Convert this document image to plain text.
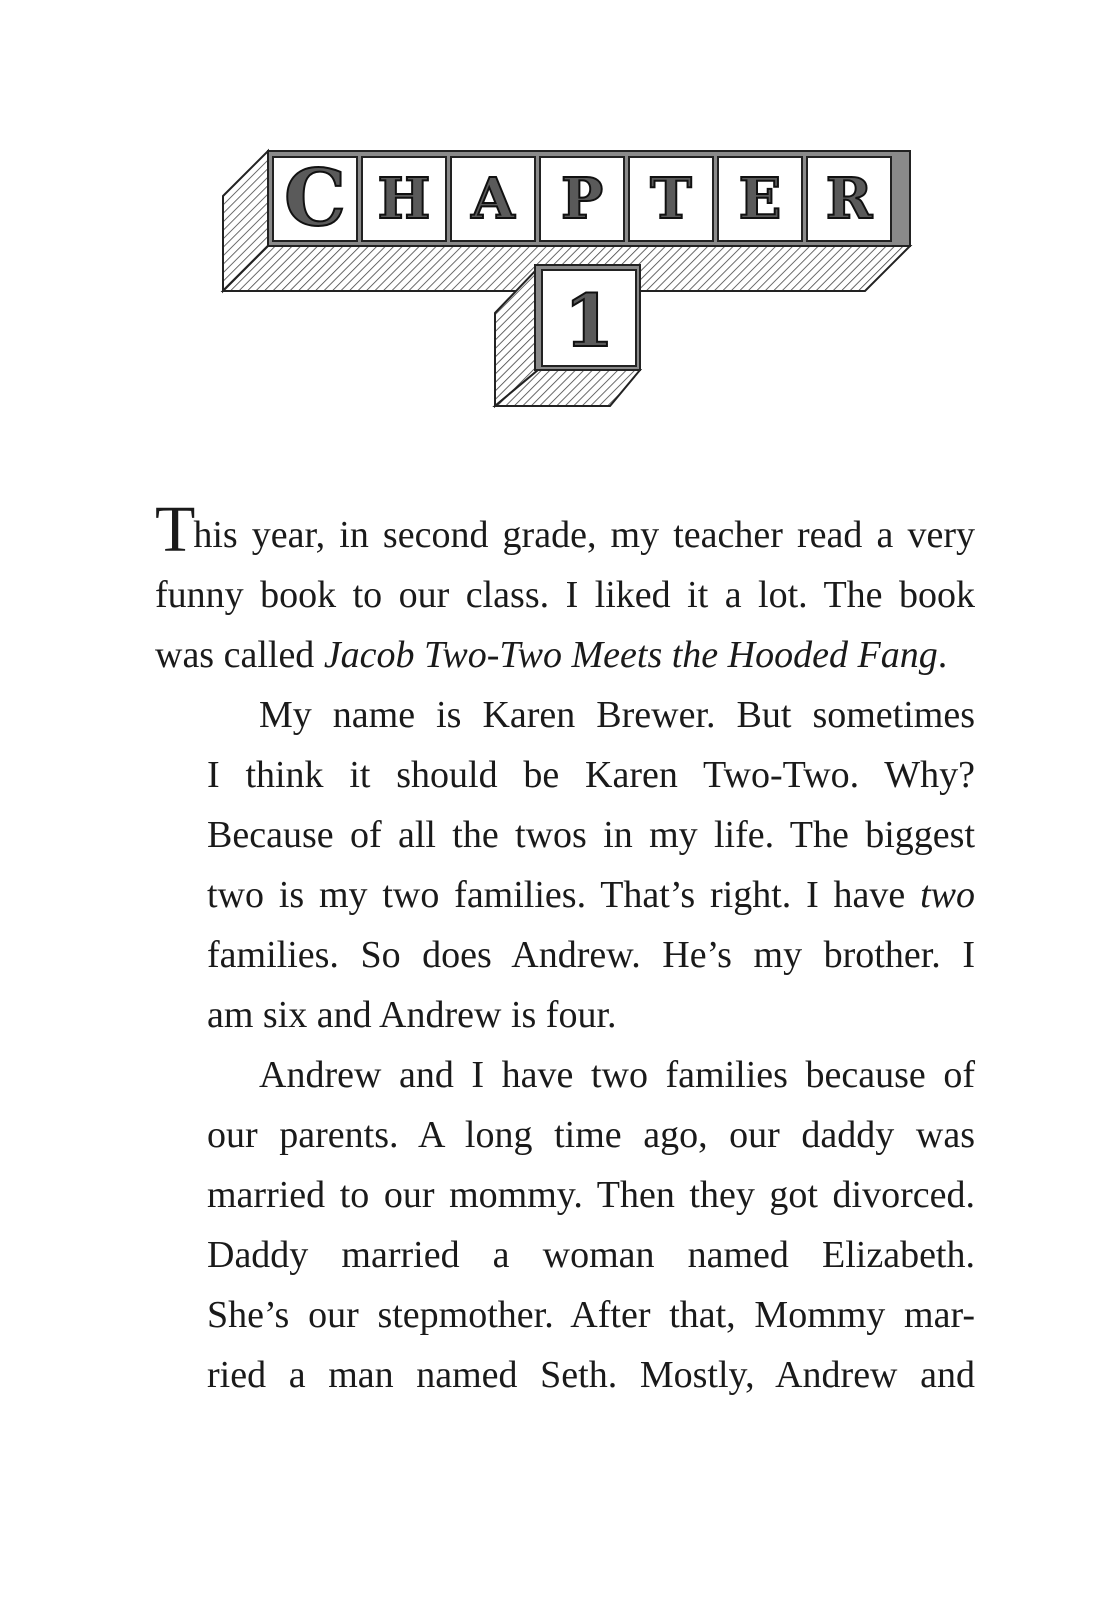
C H A P T E R
1

This year, in second grade, my teacher read a very
funny book to our class. I liked it a lot. The book
was called Jacob Two-Two Meets the Hooded Fang.

My name is Karen Brewer. But sometimes
I think it should be Karen Two-Two. Why?
Because of all the twos in my life. The biggest
two is my two families. That’s right. I have two
families. So does Andrew. He’s my brother. I
am six and Andrew is four.

Andrew and I have two families because of
our parents. A long time ago, our daddy was
married to our mommy. Then they got divorced.
Daddy married a woman named Elizabeth.
She’s our stepmother. After that, Mommy mar-
ried a man named Seth. Mostly, Andrew and
